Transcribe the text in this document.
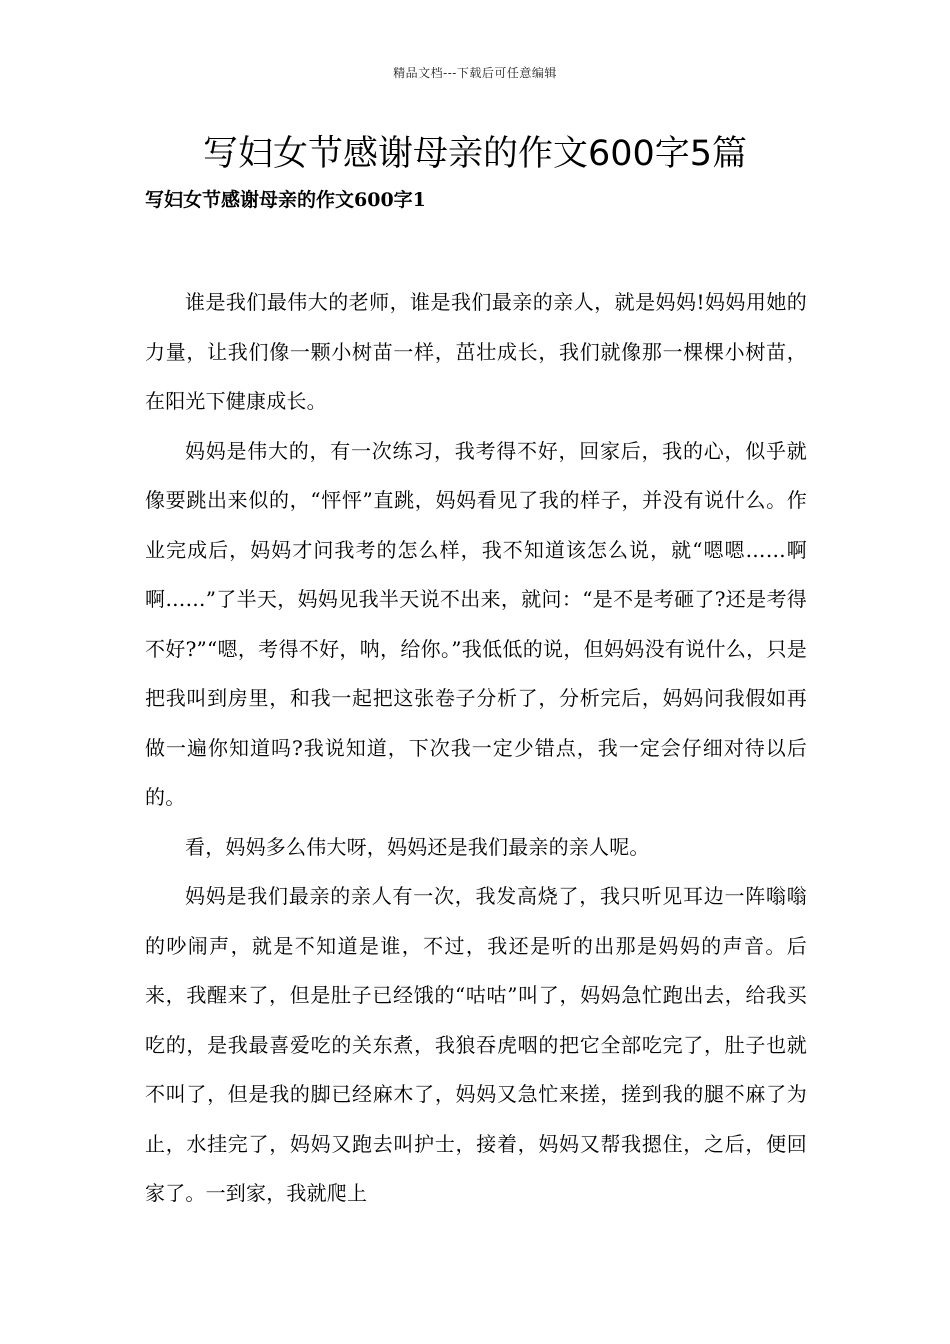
精品文档---下载后可任意编辑
写妇女节感谢母亲的作文600字5篇
写妇女节感谢母亲的作文600字1

谁是我们最伟大的老师，谁是我们最亲的亲人，就是妈妈!妈妈用她的力量，让我们像一颗小树苗一样，茁壮成长，我们就像那一棵棵小树苗，在阳光下健康成长。

妈妈是伟大的，有一次练习，我考得不好，回家后，我的心，似乎就像要跳出来似的，“怦怦”直跳，妈妈看见了我的样子，并没有说什么。作业完成后，妈妈才问我考的怎么样，我不知道该怎么说，就“嗯嗯……啊啊……”了半天，妈妈见我半天说不出来，就问：“是不是考砸了?还是考得不好?”“嗯，考得不好，呐，给你。”我低低的说，但妈妈没有说什么，只是把我叫到房里，和我一起把这张卷子分析了，分析完后，妈妈问我假如再做一遍你知道吗?我说知道，下次我一定少错点，我一定会仔细对待以后的。

看，妈妈多么伟大呀，妈妈还是我们最亲的亲人呢。

妈妈是我们最亲的亲人有一次，我发高烧了，我只听见耳边一阵嗡嗡的吵闹声，就是不知道是谁，不过，我还是听的出那是妈妈的声音。后来，我醒来了，但是肚子已经饿的“咕咕”叫了，妈妈急忙跑出去，给我买吃的，是我最喜爱吃的关东煮，我狼吞虎咽的把它全部吃完了，肚子也就不叫了，但是我的脚已经麻木了，妈妈又急忙来搓，搓到我的腿不麻了为止，水挂完了，妈妈又跑去叫护士，接着，妈妈又帮我摁住，之后，便回家了。一到家，我就爬上
